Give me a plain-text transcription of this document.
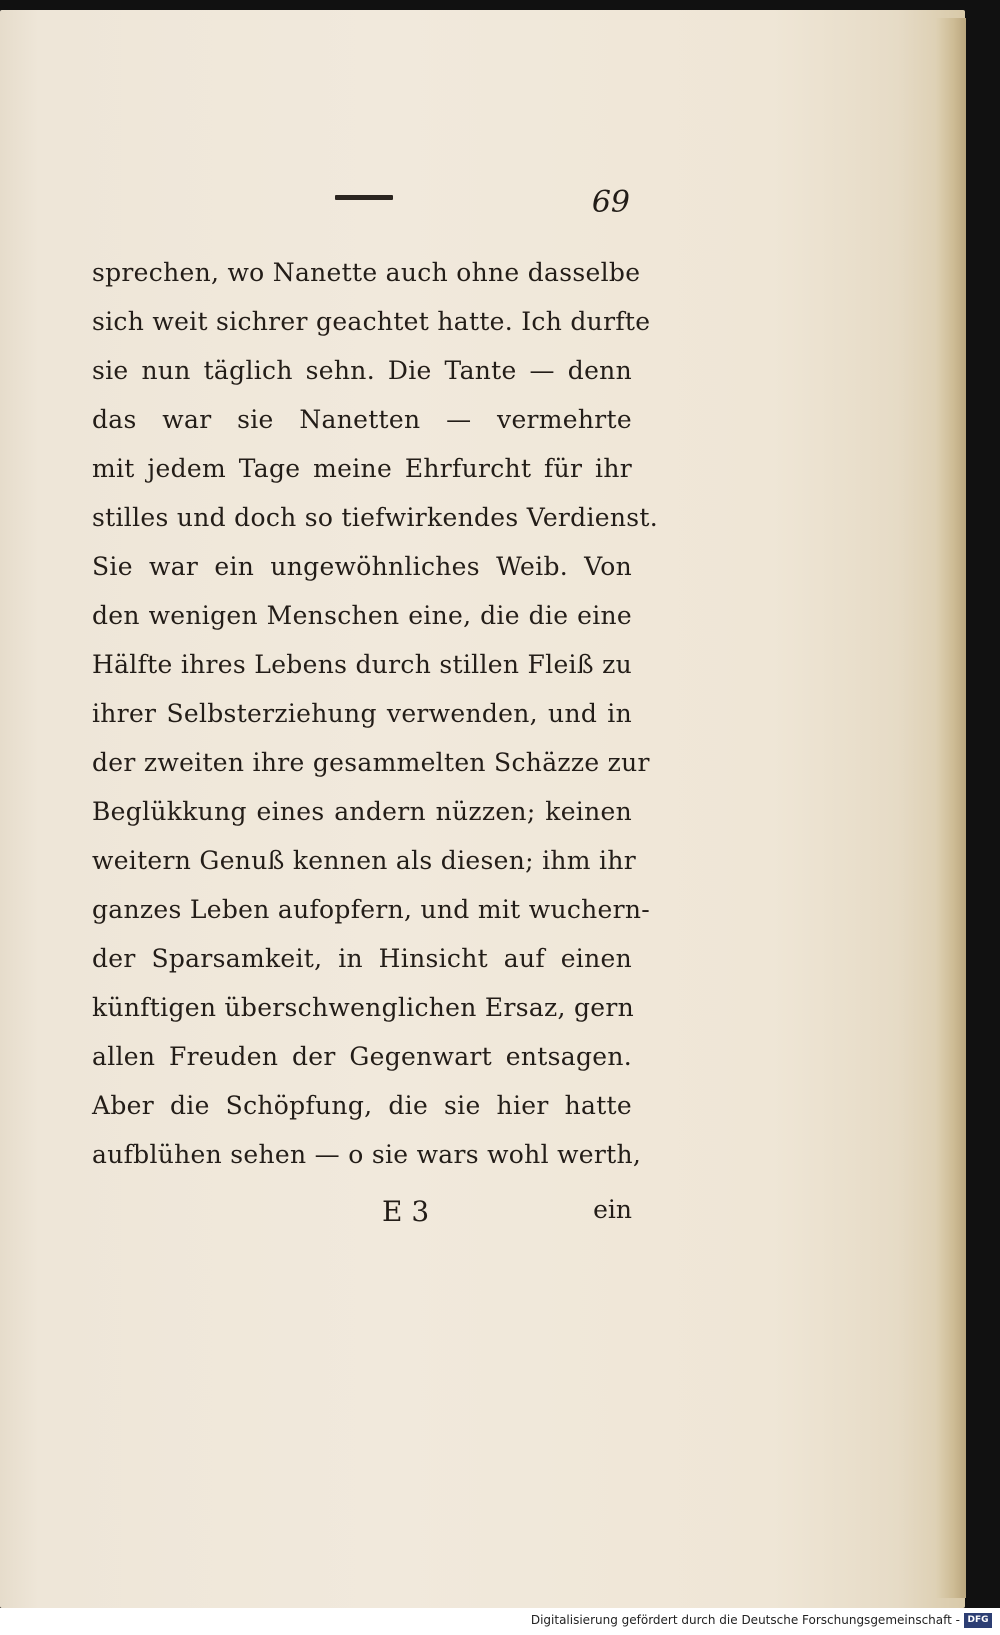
69
sprechen, wo Nanette auch ohne dasselbe
sich weit sichrer geachtet hatte. Ich durfte
sie nun täglich sehn. Die Tante — denn
das war sie Nanetten — vermehrte
mit jedem Tage meine Ehrfurcht für ihr
stilles und doch so tiefwirkendes Verdienst.
Sie war ein ungewöhnliches Weib. Von
den wenigen Menschen eine, die die eine
Hälfte ihres Lebens durch stillen Fleiß zu
ihrer Selbsterziehung verwenden, und in
der zweiten ihre gesammelten Schäzze zur
Beglükkung eines andern nüzzen; keinen
weitern Genuß kennen als diesen; ihm ihr
ganzes Leben aufopfern, und mit wuchern-
der Sparsamkeit, in Hinsicht auf einen
künftigen überschwenglichen Ersaz, gern
allen Freuden der Gegenwart entsagen.
Aber die Schöpfung, die sie hier hatte
aufblühen sehen — o sie wars wohl werth,
E 3	ein
Digitalisierung gefördert durch die Deutsche Forschungsgemeinschaft - DFG
